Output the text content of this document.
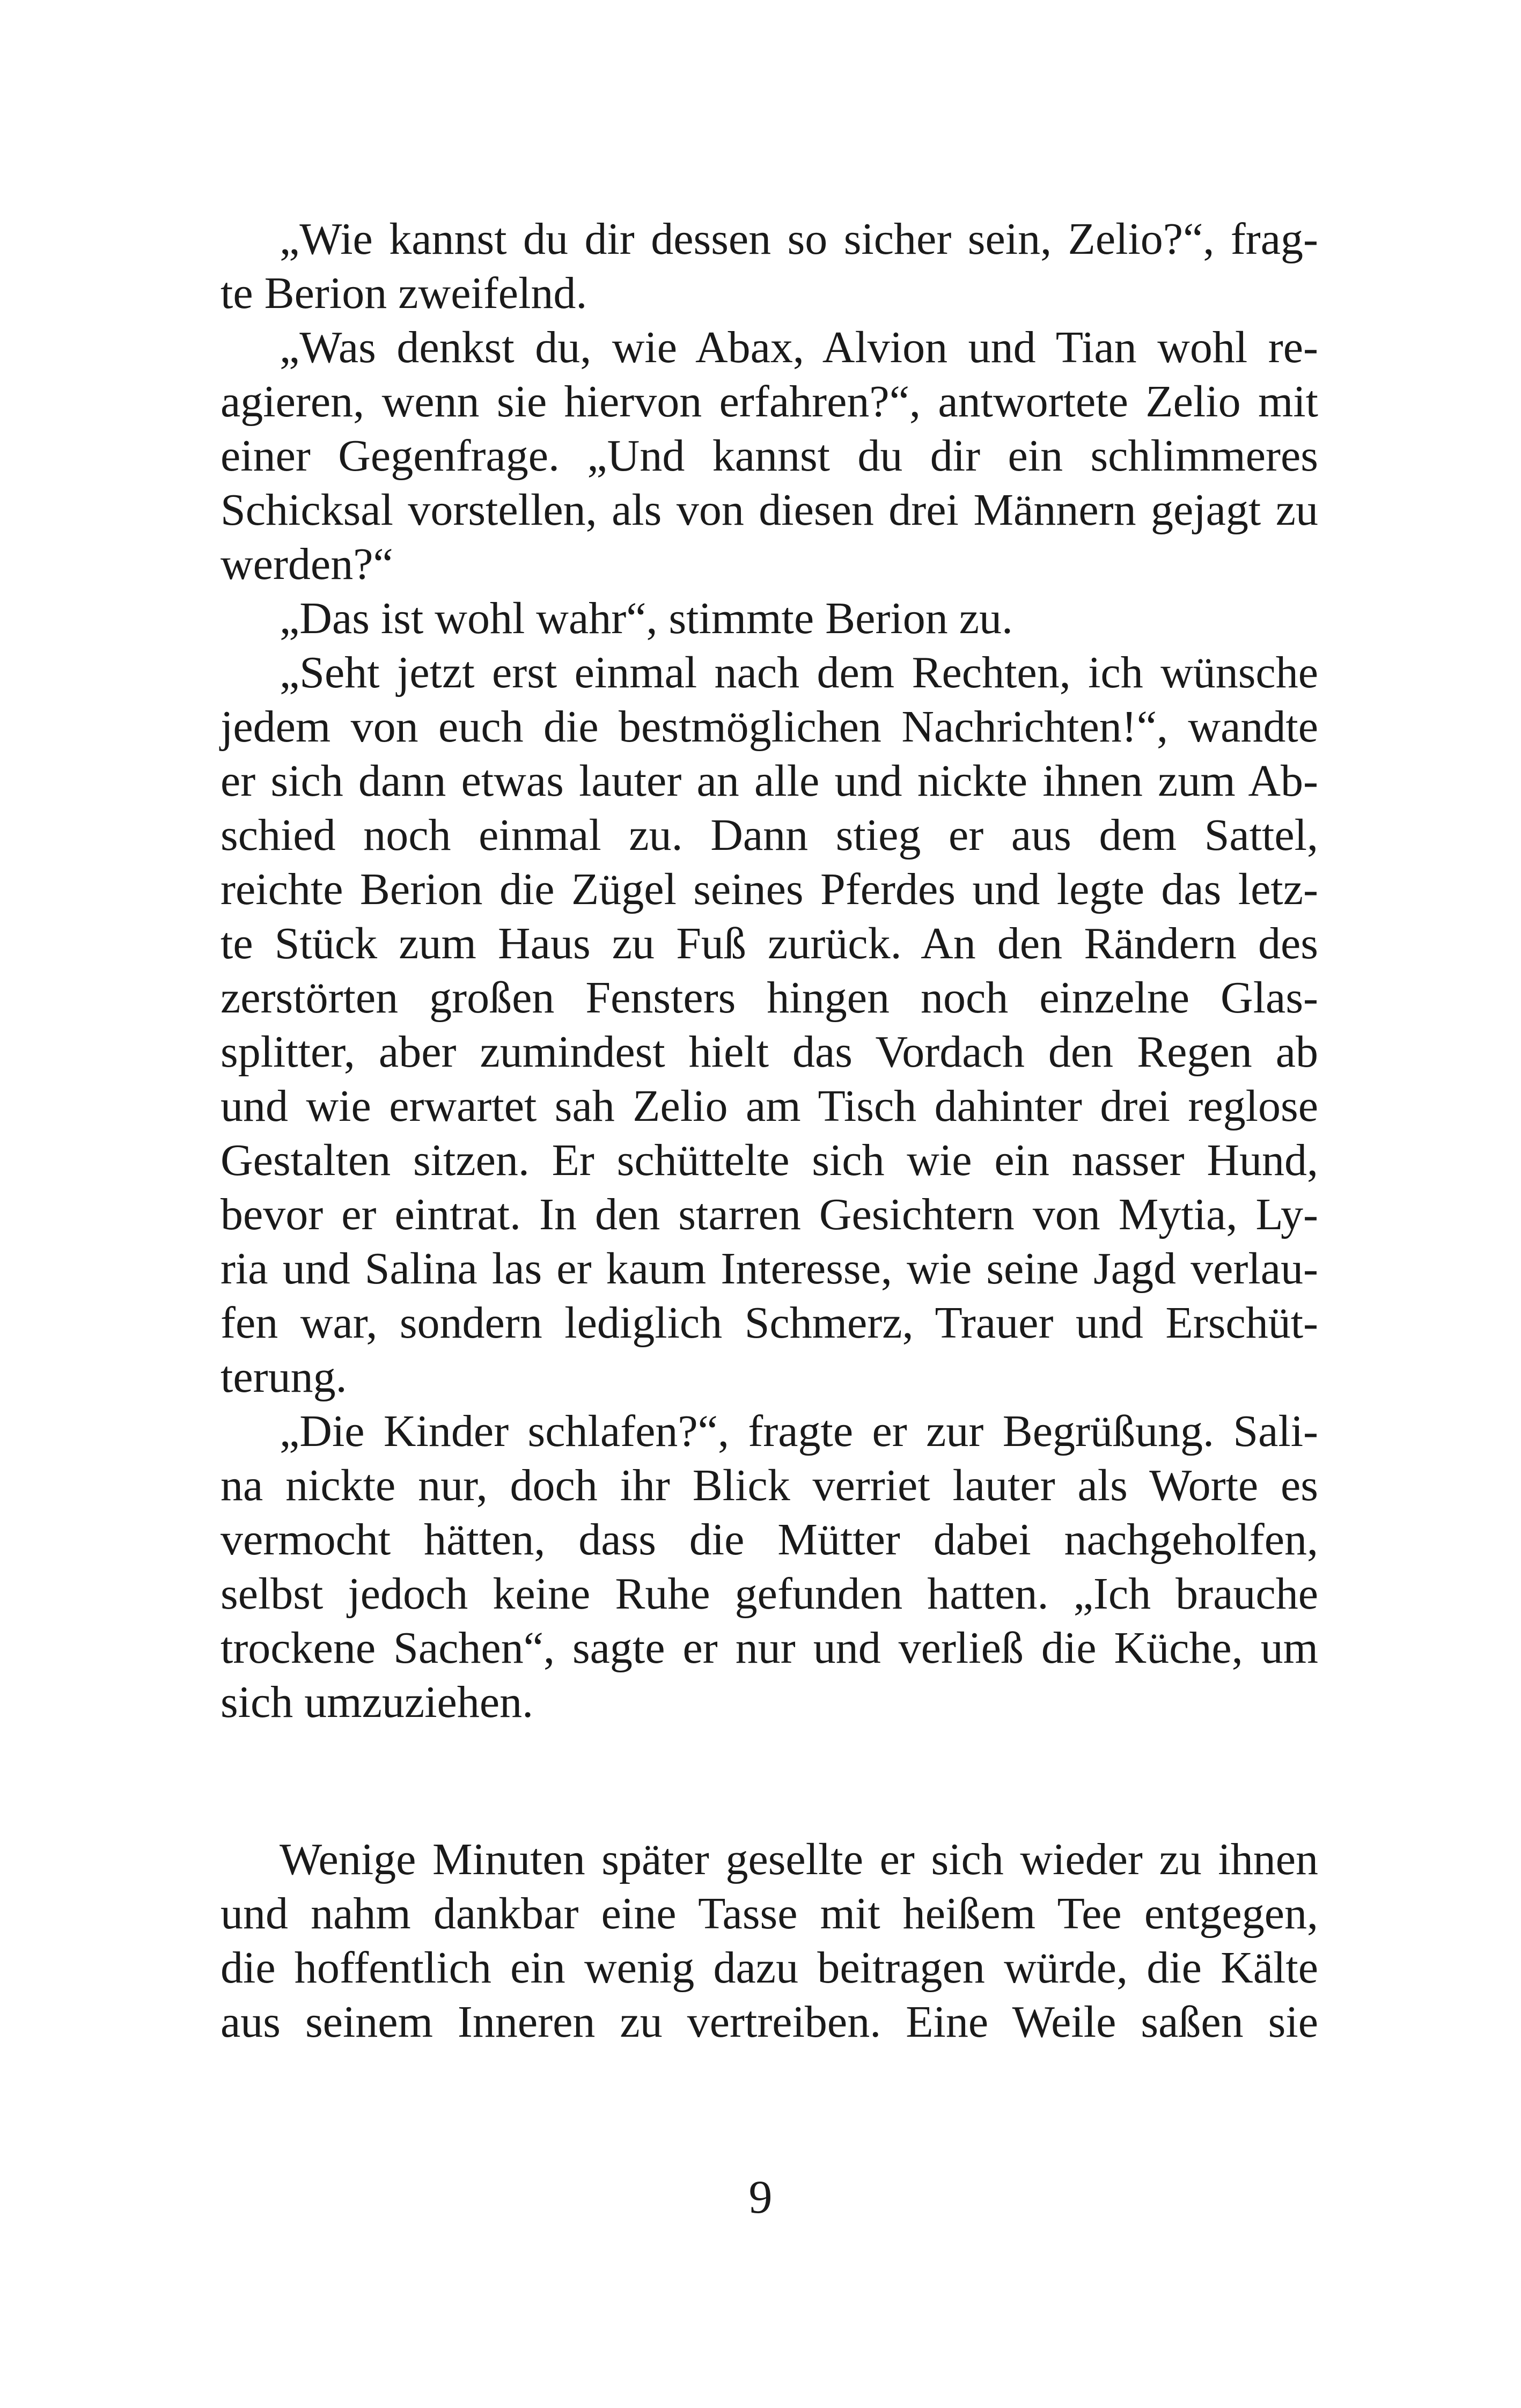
„Wie kannst du dir dessen so sicher sein, Zelio?“, frag-
te Berion zweifelnd.
„Was denkst du, wie Abax, Alvion und Tian wohl re-
agieren, wenn sie hiervon erfahren?“, antwortete Zelio mit
einer Gegenfrage. „Und kannst du dir ein schlimmeres
Schicksal vorstellen, als von diesen drei Männern gejagt zu
werden?“
„Das ist wohl wahr“, stimmte Berion zu.
„Seht jetzt erst einmal nach dem Rechten, ich wünsche
jedem von euch die bestmöglichen Nachrichten!“, wandte
er sich dann etwas lauter an alle und nickte ihnen zum Ab-
schied noch einmal zu. Dann stieg er aus dem Sattel,
reichte Berion die Zügel seines Pferdes und legte das letz-
te Stück zum Haus zu Fuß zurück. An den Rändern des
zerstörten großen Fensters hingen noch einzelne Glas-
splitter, aber zumindest hielt das Vordach den Regen ab
und wie erwartet sah Zelio am Tisch dahinter drei reglose
Gestalten sitzen. Er schüttelte sich wie ein nasser Hund,
bevor er eintrat. In den starren Gesichtern von Mytia, Ly-
ria und Salina las er kaum Interesse, wie seine Jagd verlau-
fen war, sondern lediglich Schmerz, Trauer und Erschüt-
terung.
„Die Kinder schlafen?“, fragte er zur Begrüßung. Sali-
na nickte nur, doch ihr Blick verriet lauter als Worte es
vermocht hätten, dass die Mütter dabei nachgeholfen,
selbst jedoch keine Ruhe gefunden hatten. „Ich brauche
trockene Sachen“, sagte er nur und verließ die Küche, um
sich umzuziehen.
Wenige Minuten später gesellte er sich wieder zu ihnen
und nahm dankbar eine Tasse mit heißem Tee entgegen,
die hoffentlich ein wenig dazu beitragen würde, die Kälte
aus seinem Inneren zu vertreiben. Eine Weile saßen sie
9
